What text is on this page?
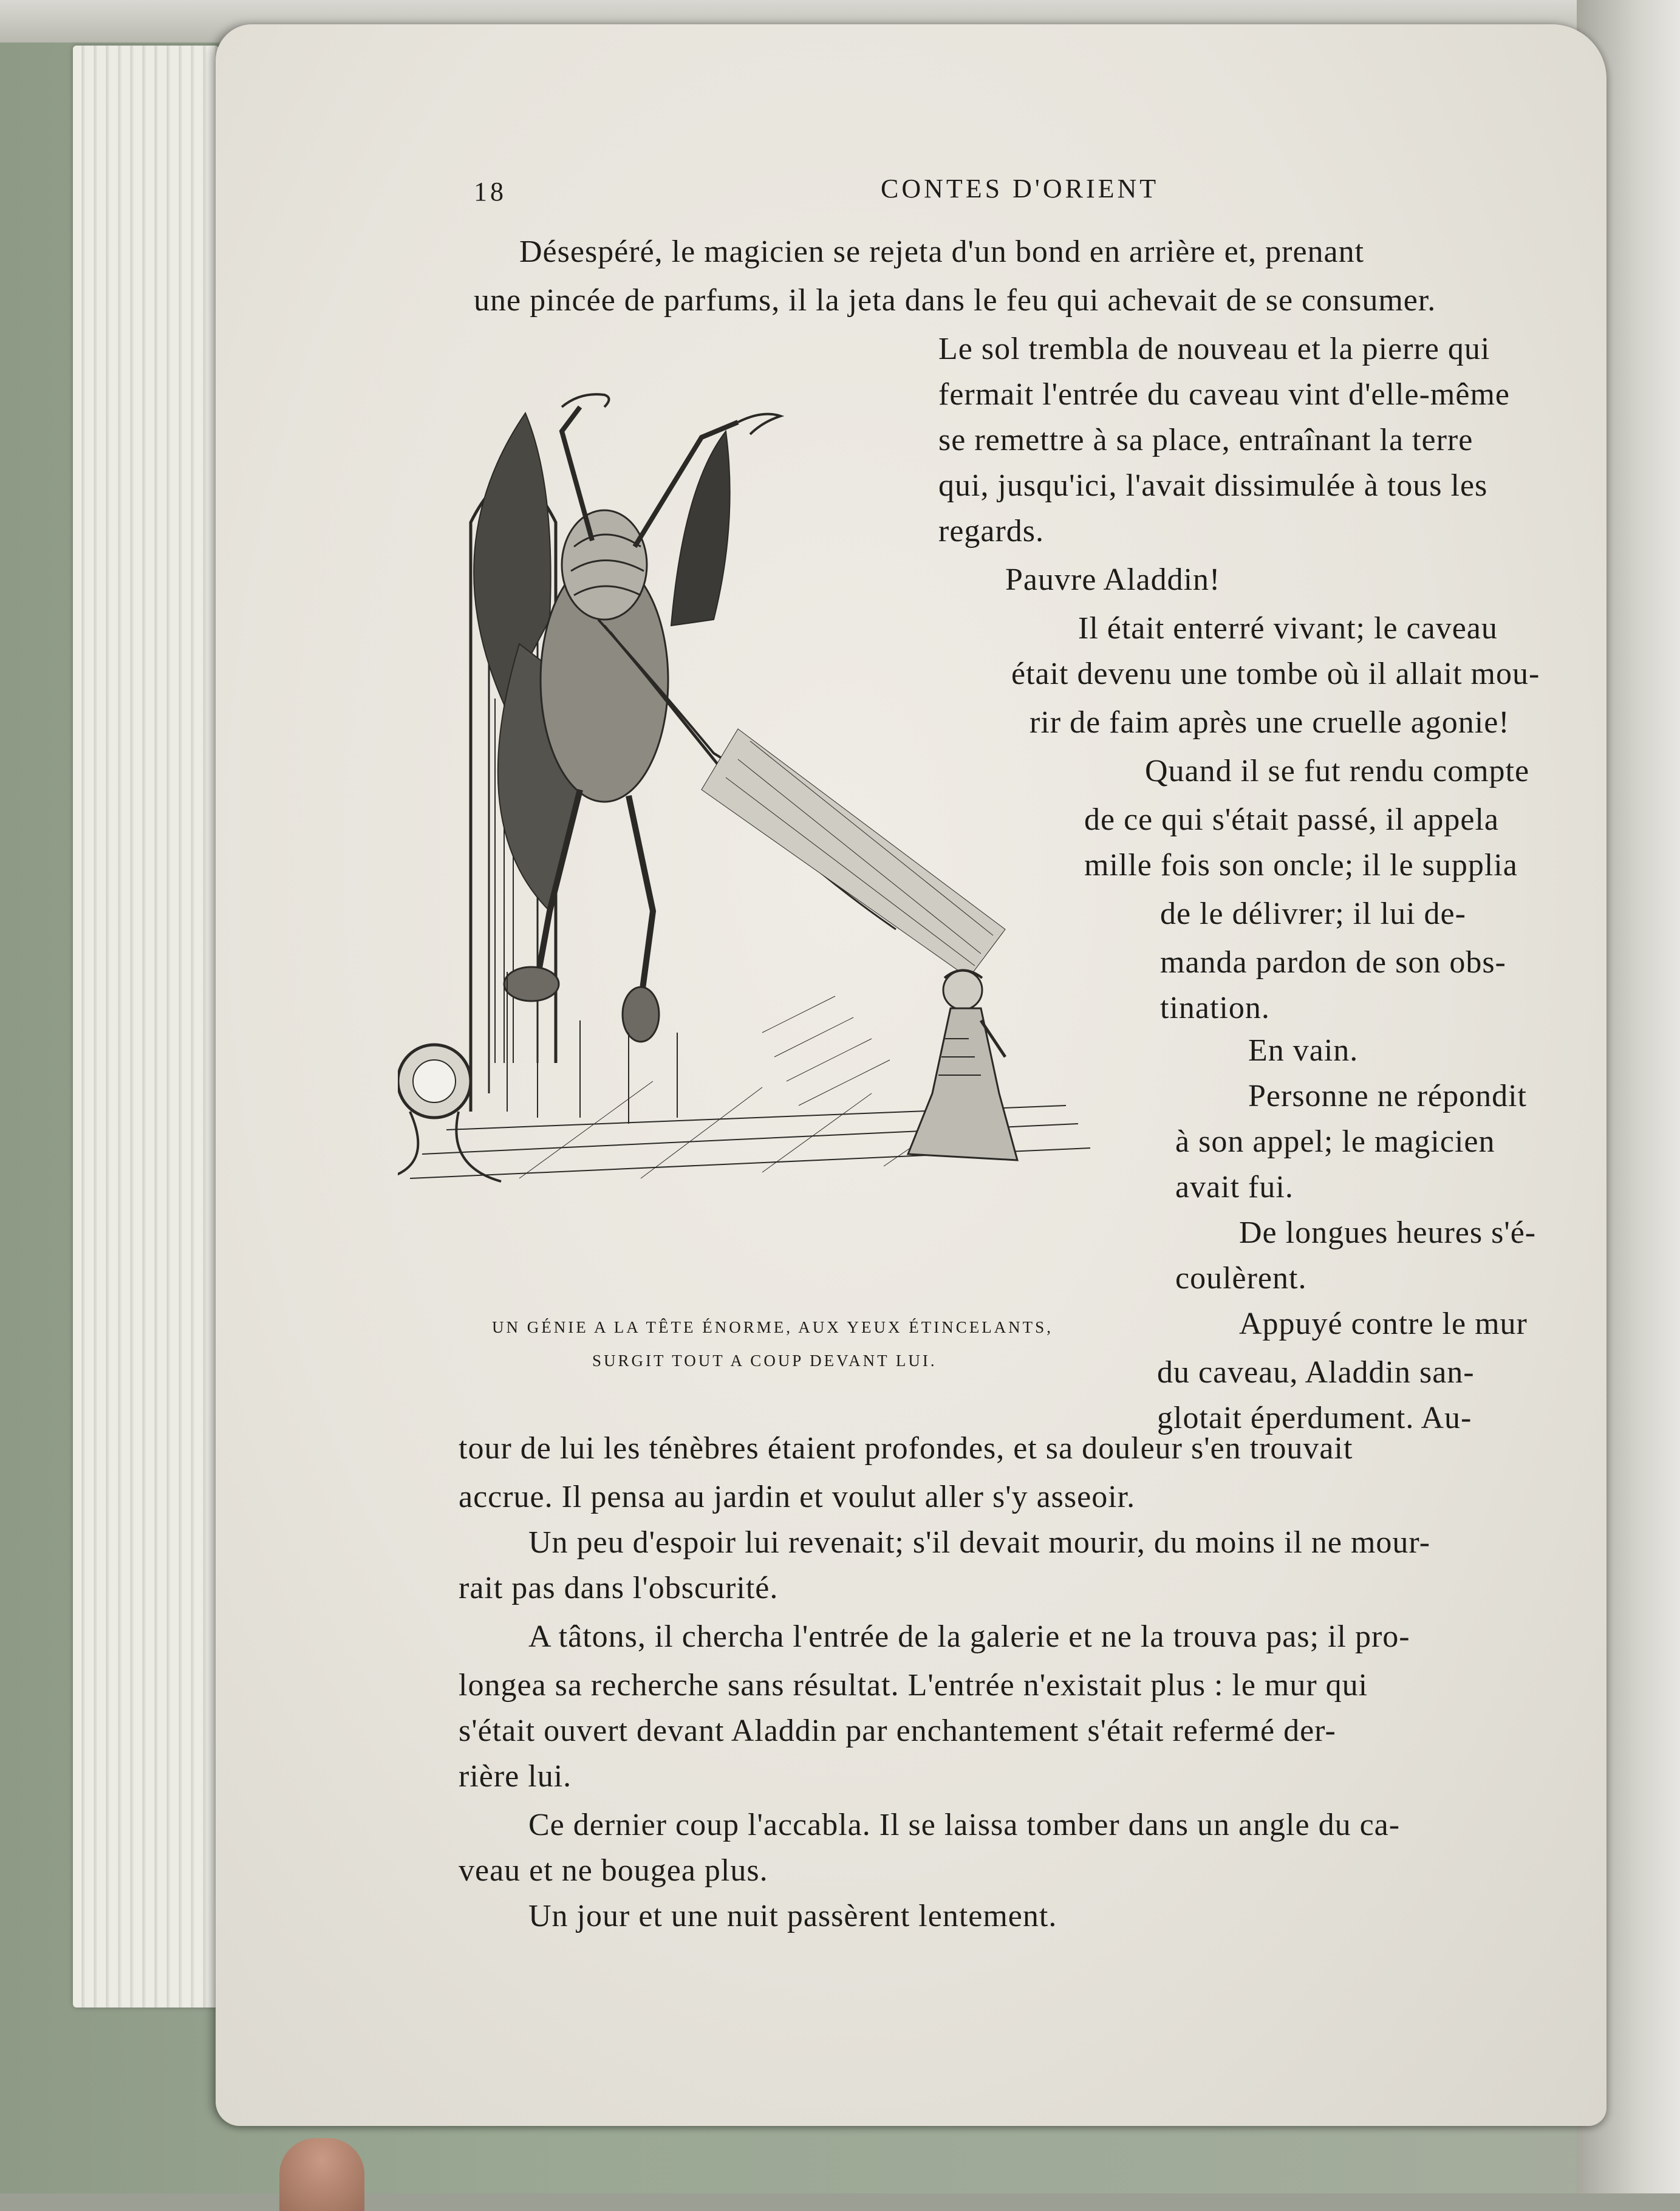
18	CONTES D'ORIENT
Désespéré, le magicien se rejeta d'un bond en arrière et, prenant
une pincée de parfums, il la jeta dans le feu qui achevait de se consumer.
Le sol trembla de nouveau et la pierre qui
fermait l'entrée du caveau vint d'elle-même
se remettre à sa place, entraînant la terre
qui, jusqu'ici, l'avait dissimulée à tous les
regards.
Pauvre Aladdin!
Il était enterré vivant; le caveau
était devenu une tombe où il allait mou-
rir de faim après une cruelle agonie!
Quand il se fut rendu compte
de ce qui s'était passé, il appela
mille fois son oncle; il le supplia
de le délivrer; il lui de-
manda pardon de son obs-
tination.
En vain.
Personne ne répondit
à son appel; le magicien
avait fui.
De longues heures s'é-
coulèrent.
Appuyé contre le mur
du caveau, Aladdin san-
glotait éperdument. Au-
UN GÉNIE A LA TÊTE ÉNORME, AUX YEUX ÉTINCELANTS,
SURGIT TOUT A COUP DEVANT LUI.
tour de lui les ténèbres étaient profondes, et sa douleur s'en trouvait
accrue. Il pensa au jardin et voulut aller s'y asseoir.
Un peu d'espoir lui revenait; s'il devait mourir, du moins il ne mour-
rait pas dans l'obscurité.
A tâtons, il chercha l'entrée de la galerie et ne la trouva pas; il pro-
longea sa recherche sans résultat. L'entrée n'existait plus : le mur qui
s'était ouvert devant Aladdin par enchantement s'était refermé der-
rière lui.
Ce dernier coup l'accabla. Il se laissa tomber dans un angle du ca-
veau et ne bougea plus.
Un jour et une nuit passèrent lentement.
